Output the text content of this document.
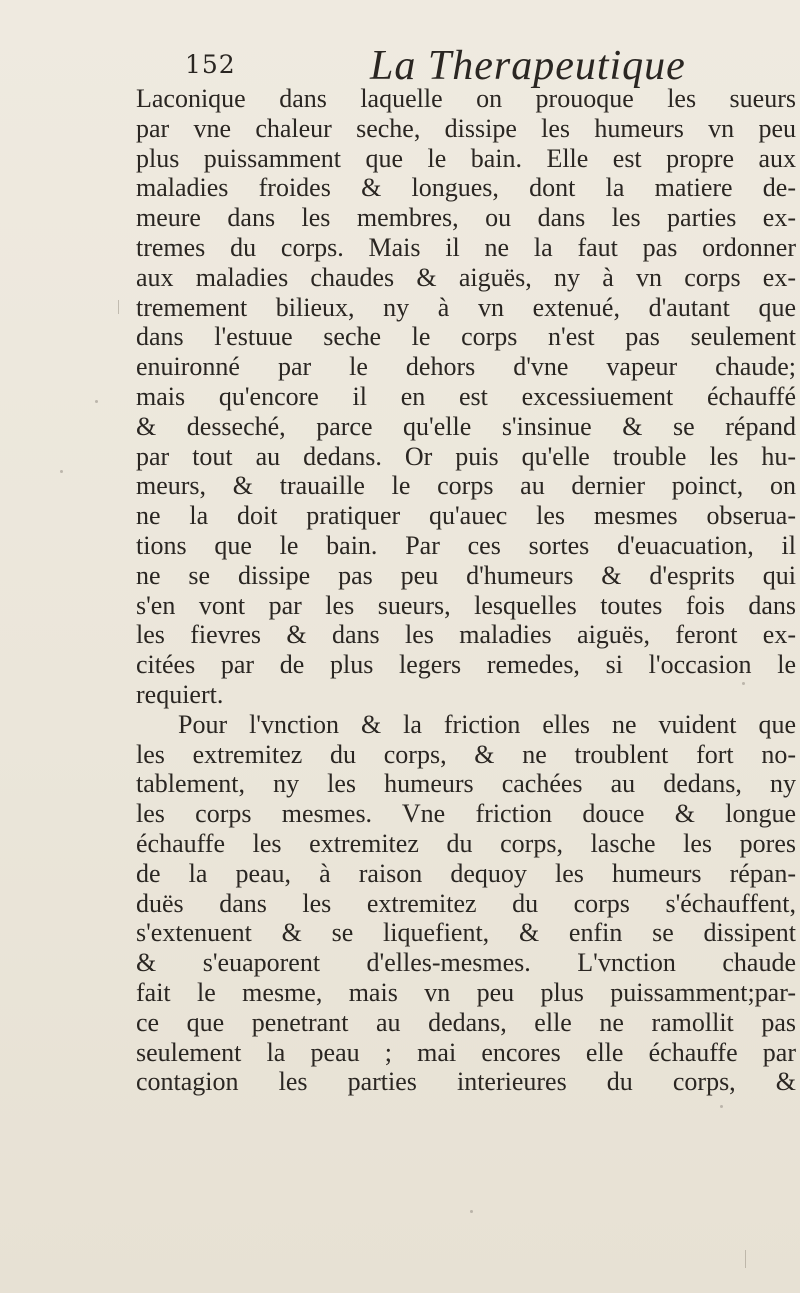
152	La Therapeutique
Laconique dans laquelle on prouoque les sueurs
par vne chaleur seche, dissipe les humeurs vn peu
plus puissamment que le bain. Elle est propre aux
maladies froides & longues, dont la matiere de-
meure dans les membres, ou dans les parties ex-
tremes du corps. Mais il ne la faut pas ordonner
aux maladies chaudes & aiguës, ny à vn corps ex-
tremement bilieux, ny à vn extenué, d'autant que
dans l'estuue seche le corps n'est pas seulement
enuironné par le dehors d'vne vapeur chaude;
mais qu'encore il en est excessiuement échauffé
& desseché, parce qu'elle s'insinue & se répand
par tout au dedans. Or puis qu'elle trouble les hu-
meurs, & trauaille le corps au dernier poinct, on
ne la doit pratiquer qu'auec les mesmes obserua-
tions que le bain. Par ces sortes d'euacuation, il
ne se dissipe pas peu d'humeurs & d'esprits qui
s'en vont par les sueurs, lesquelles toutes fois dans
les fievres & dans les maladies aiguës, feront ex-
citées par de plus legers remedes, si l'occasion le
requiert.
Pour l'vnction & la friction elles ne vuident que
les extremitez du corps, & ne troublent fort no-
tablement, ny les humeurs cachées au dedans, ny
les corps mesmes. Vne friction douce & longue
échauffe les extremitez du corps, lasche les pores
de la peau, à raison dequoy les humeurs répan-
duës dans les extremitez du corps s'échauffent,
s'extenuent & se liquefient, & enfin se dissipent
& s'euaporent d'elles-mesmes. L'vnction chaude
fait le mesme, mais vn peu plus puissamment;par-
ce que penetrant au dedans, elle ne ramollit pas
seulement la peau ; mai encores elle échauffe par
contagion les parties interieures du corps, &
